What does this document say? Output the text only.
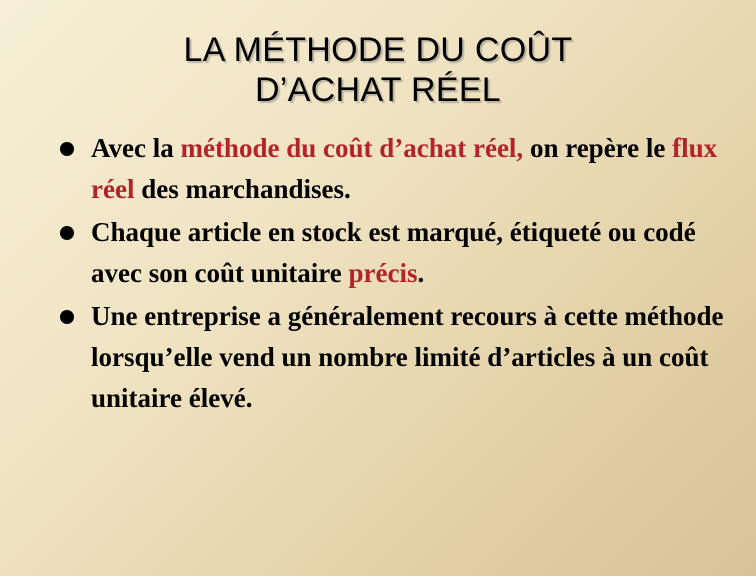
LA MÉTHODE DU COÛT
D’ACHAT RÉEL
Avec la méthode du coût d’achat réel, on repère le flux réel des marchandises.
Chaque article en stock est marqué, étiqueté ou codé avec son coût unitaire précis.
Une entreprise a généralement recours à cette méthode lorsqu’elle vend un nombre limité d’articles à un coût unitaire élevé.
